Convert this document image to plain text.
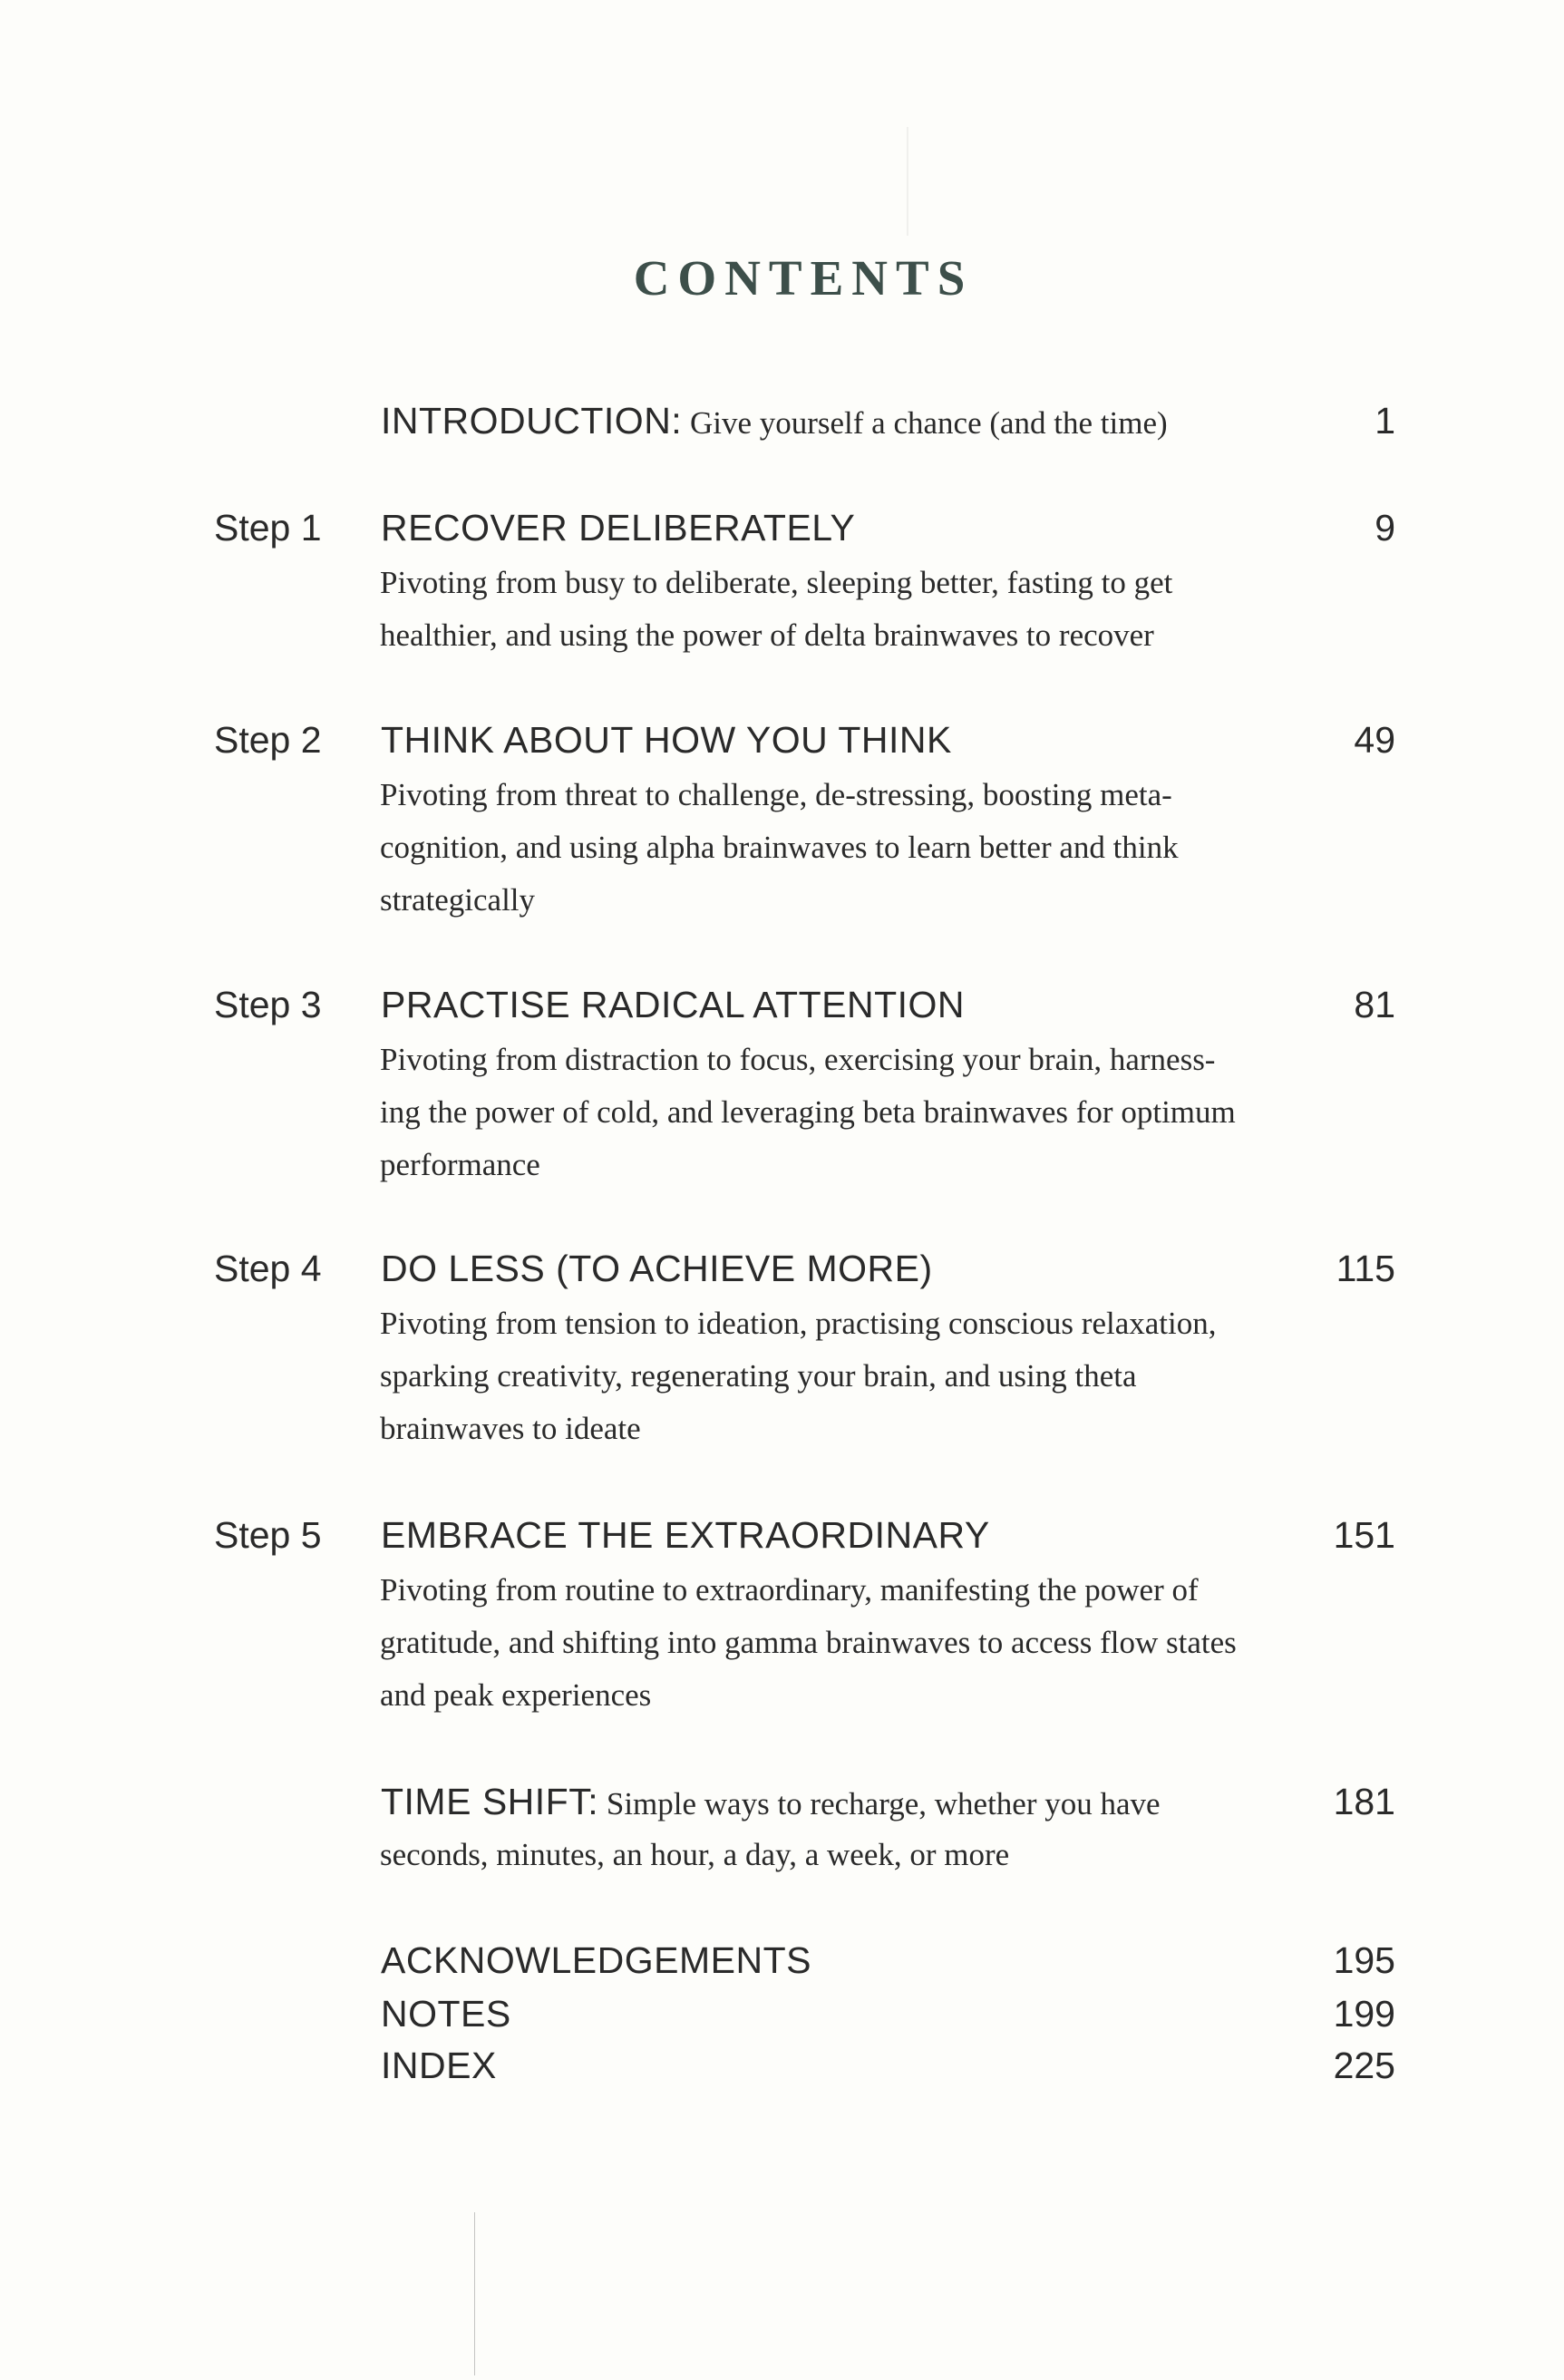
CONTENTS
INTRODUCTION: Give yourself a chance (and the time)	1
Step 1 RECOVER DELIBERATELY	9
Pivoting from busy to deliberate, sleeping better, fasting to get
healthier, and using the power of delta brainwaves to recover
Step 2 THINK ABOUT HOW YOU THINK	49
Pivoting from threat to challenge, de-stressing, boosting meta-
cognition, and using alpha brainwaves to learn better and think
strategically
Step 3 PRACTISE RADICAL ATTENTION	81
Pivoting from distraction to focus, exercising your brain, harness-
ing the power of cold, and leveraging beta brainwaves for optimum
performance
Step 4 DO LESS (TO ACHIEVE MORE)	115
Pivoting from tension to ideation, practising conscious relaxation,
sparking creativity, regenerating your brain, and using theta
brainwaves to ideate
Step 5 EMBRACE THE EXTRAORDINARY	151
Pivoting from routine to extraordinary, manifesting the power of
gratitude, and shifting into gamma brainwaves to access flow states
and peak experiences
TIME SHIFT: Simple ways to recharge, whether you have	181
seconds, minutes, an hour, a day, a week, or more
ACKNOWLEDGEMENTS	195
NOTES	199
INDEX	225
